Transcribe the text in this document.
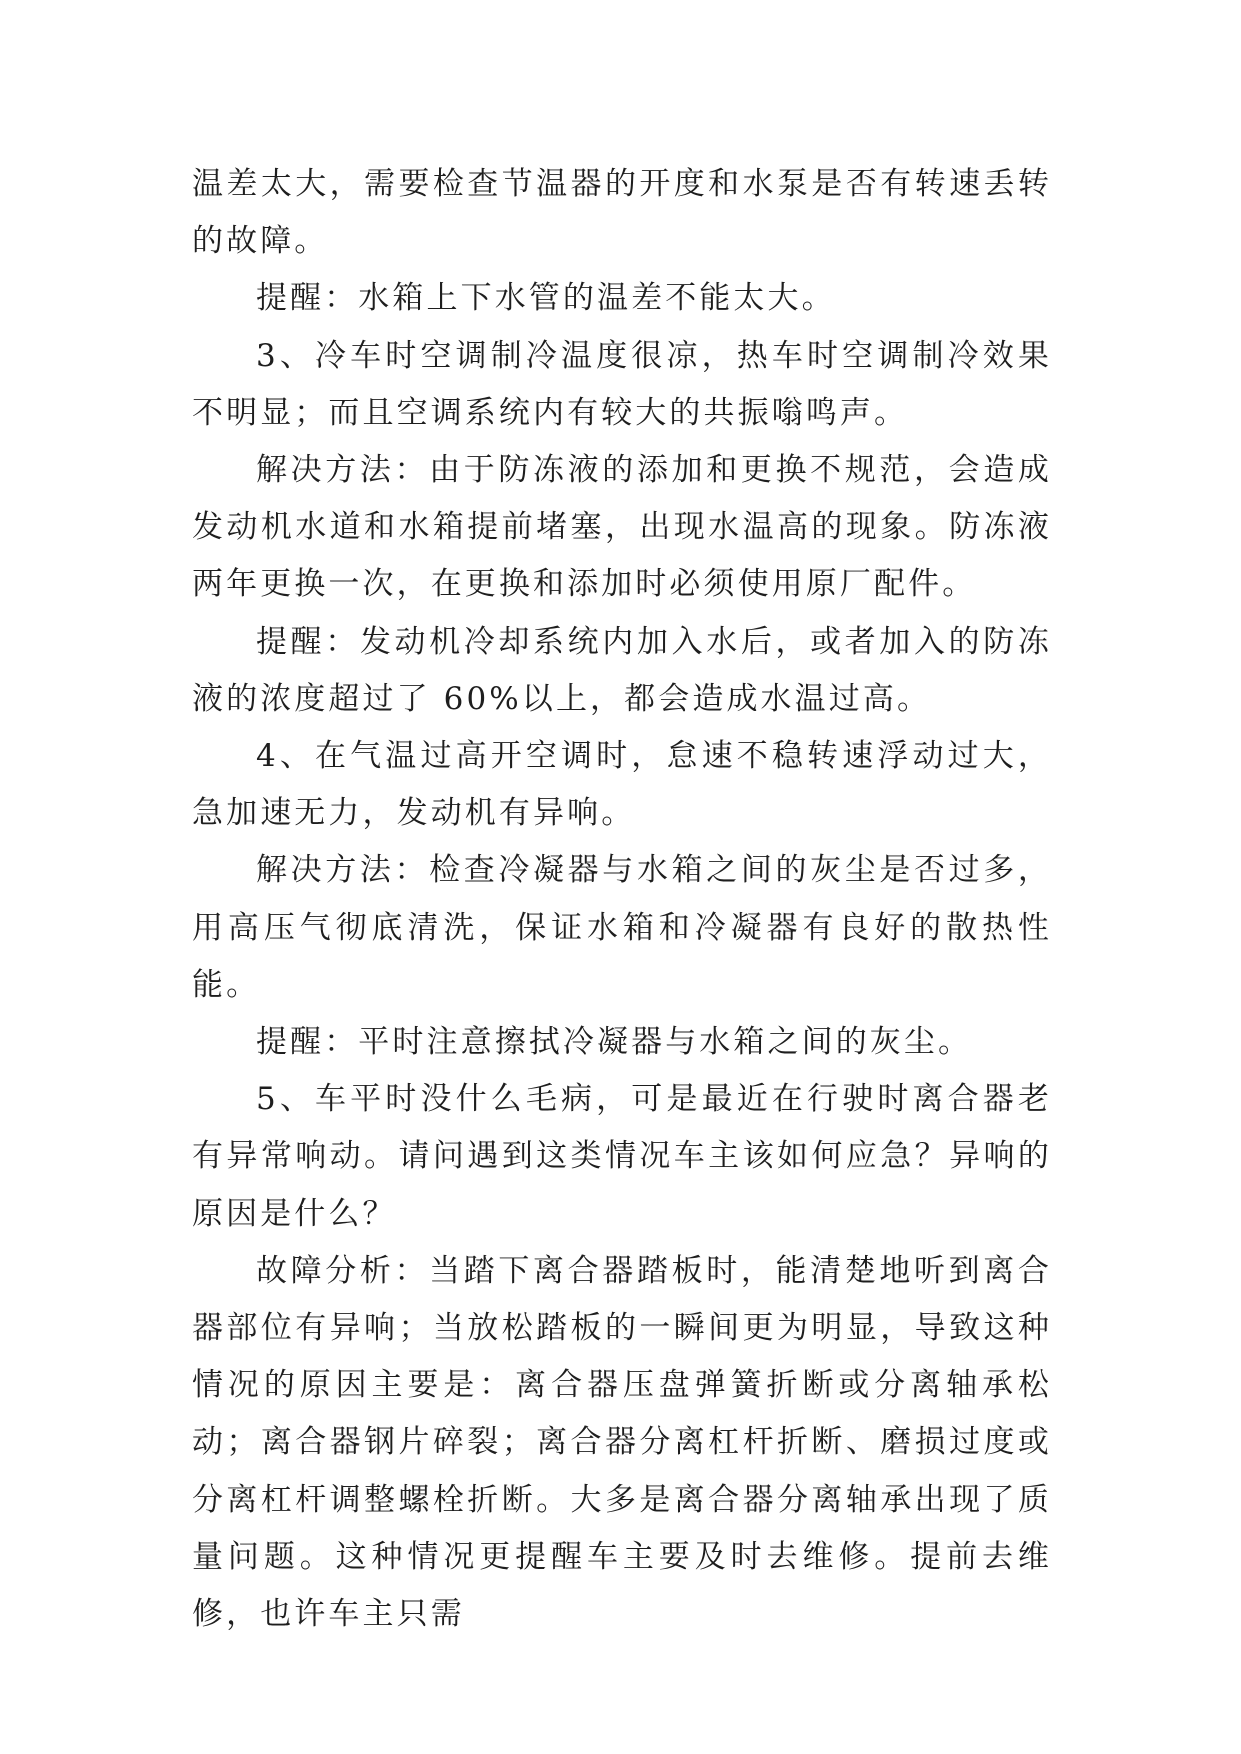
温差太大，需要检查节温器的开度和水泵是否有转速丢转的故障。

提醒：水箱上下水管的温差不能太大。

3、冷车时空调制冷温度很凉，热车时空调制冷效果不明显；而且空调系统内有较大的共振嗡鸣声。

解决方法：由于防冻液的添加和更换不规范，会造成发动机水道和水箱提前堵塞，出现水温高的现象。防冻液两年更换一次，在更换和添加时必须使用原厂配件。

提醒：发动机冷却系统内加入水后，或者加入的防冻液的浓度超过了 60%以上，都会造成水温过高。

4、在气温过高开空调时，怠速不稳转速浮动过大，急加速无力，发动机有异响。

解决方法：检查冷凝器与水箱之间的灰尘是否过多，用高压气彻底清洗，保证水箱和冷凝器有良好的散热性能。

提醒：平时注意擦拭冷凝器与水箱之间的灰尘。

5、车平时没什么毛病，可是最近在行驶时离合器老有异常响动。请问遇到这类情况车主该如何应急？异响的原因是什么？

故障分析：当踏下离合器踏板时，能清楚地听到离合器部位有异响；当放松踏板的一瞬间更为明显，导致这种情况的原因主要是：离合器压盘弹簧折断或分离轴承松动；离合器钢片碎裂；离合器分离杠杆折断、磨损过度或分离杠杆调整螺栓折断。大多是离合器分离轴承出现了质量问题。这种情况更提醒车主要及时去维修。提前去维修，也许车主只需
